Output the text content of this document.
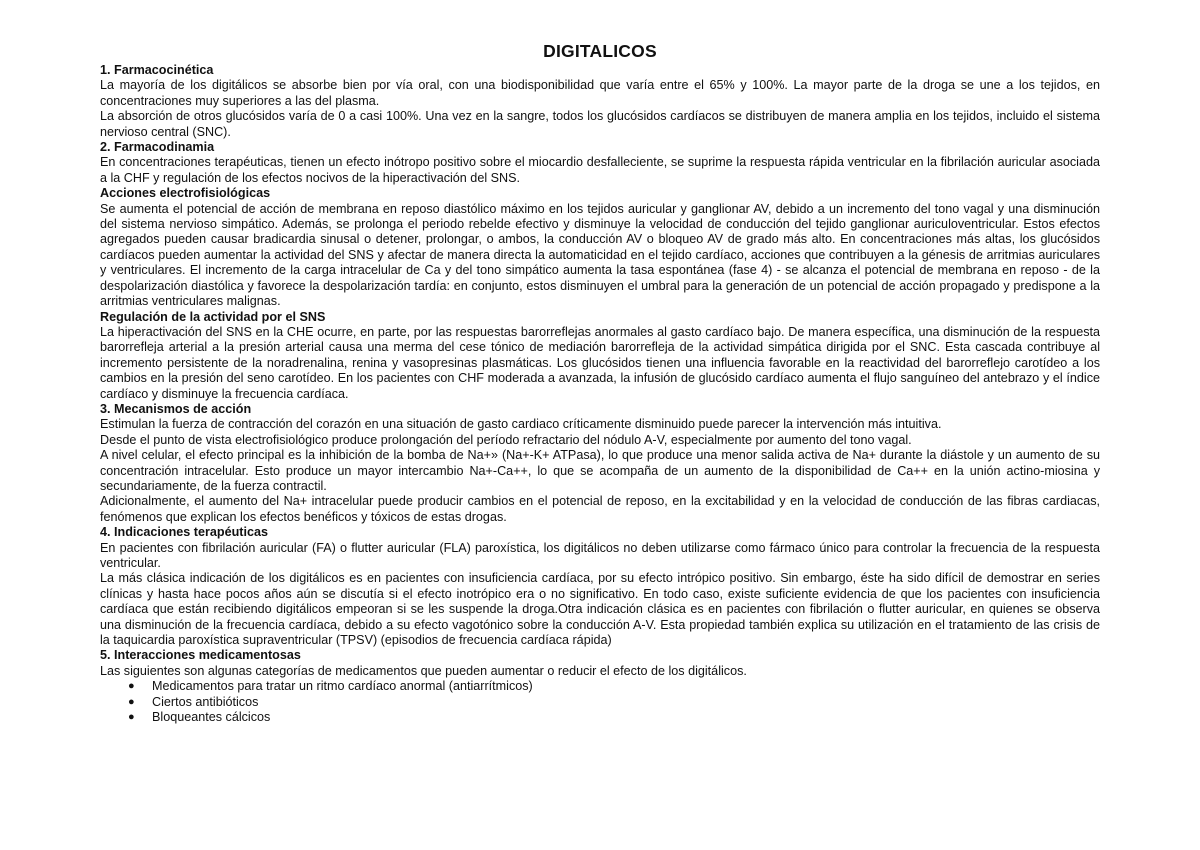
DIGITALICOS
1. Farmacocinética

La mayoría de los digitálicos se absorbe bien por vía oral, con una biodisponibilidad que varía entre el 65% y 100%. La mayor parte de la droga se une a los tejidos, en concentraciones muy superiores a las del plasma.

La absorción de otros glucósidos varía de 0 a casi 100%. Una vez en la sangre, todos los glucósidos cardíacos se distribuyen de manera amplia en los tejidos, incluido el sistema nervioso central (SNC).

2. Farmacodinamia

En concentraciones terapéuticas, tienen un efecto inótropo positivo sobre el miocardio desfalleciente, se suprime la respuesta rápida ventricular en la fibrilación auricular asociada a la CHF y regulación de los efectos nocivos de la hiperactivación del SNS.

Acciones electrofisiológicas

Se aumenta el potencial de acción de membrana en reposo diastólico máximo en los tejidos auricular y ganglionar AV, debido a un incremento del tono vagal y una disminución del sistema nervioso simpático. Además, se prolonga el periodo rebelde efectivo y disminuye la velocidad de conducción del tejido ganglionar auriculoventricular. Estos efectos agregados pueden causar bradicardia sinusal o detener, prolongar, o ambos, la conducción AV o bloqueo AV de grado más alto. En concentraciones más altas, los glucósidos cardíacos pueden aumentar la actividad del SNS y afectar de manera directa la automaticidad en el tejido cardíaco, acciones que contribuyen a la génesis de arritmias auriculares y ventriculares. El incremento de la carga intracelular de Ca y del tono simpático aumenta la tasa espontánea (fase 4) - se alcanza el potencial de membrana en reposo - de la despolarización diastólica y favorece la despolarización tardía: en conjunto, estos disminuyen el umbral para la generación de un potencial de acción propagado y predispone a la arritmias ventriculares malignas.

Regulación de la actividad por el SNS

La hiperactivación del SNS en la CHE ocurre, en parte, por las respuestas barorreflejas anormales al gasto cardíaco bajo. De manera específica, una disminución de la respuesta barorrefleja arterial a la presión arterial causa una merma del cese tónico de mediación barorrefleja de la actividad simpática dirigida por el SNC. Esta cascada contribuye al incremento persistente de la noradrenalina, renina y vasopresinas plasmáticas. Los glucósidos tienen una influencia favorable en la reactividad del barorreflejo carotídeo a los cambios en la presión del seno carotídeo. En los pacientes con CHF moderada a avanzada, la infusión de glucósido cardíaco aumenta el flujo sanguíneo del antebrazo y el índice cardíaco y disminuye la frecuencia cardíaca.

3. Mecanismos de acción

Estimulan la fuerza de contracción del corazón en una situación de gasto cardiaco críticamente disminuido puede parecer la intervención más intuitiva.

Desde el punto de vista electrofisiológico produce prolongación del período refractario del nódulo A-V, especialmente por aumento del tono vagal.

A nivel celular, el efecto principal es la inhibición de la bomba de Na+» (Na+-K+ ATPasa), lo que produce una menor salida activa de Na+ durante la diástole y un aumento de su concentración intracelular. Esto produce un mayor intercambio Na+-Ca++, lo que se acompaña de un aumento de la disponibilidad de Ca++ en la unión actino-miosina y secundariamente, de la fuerza contractil.

Adicionalmente, el aumento del Na+ intracelular puede producir cambios en el potencial de reposo, en la excitabilidad y en la velocidad de conducción de las fibras cardiacas, fenómenos que explican los efectos benéficos y tóxicos de estas drogas.

4. Indicaciones terapéuticas

En pacientes con fibrilación auricular (FA) o flutter auricular (FLA) paroxística, los digitálicos no deben utilizarse como fármaco único para controlar la frecuencia de la respuesta ventricular.

La más clásica indicación de los digitálicos es en pacientes con insuficiencia cardíaca, por su efecto intrópico positivo. Sin embargo, éste ha sido difícil de demostrar en series clínicas y hasta hace pocos años aún se discutía si el efecto inotrópico era o no significativo. En todo caso, existe suficiente evidencia de que los pacientes con insuficiencia cardíaca que están recibiendo digitálicos empeoran si se les suspende la droga.Otra indicación clásica es en pacientes con fibrilación o flutter auricular, en quienes se observa una disminución de la frecuencia cardíaca, debido a su efecto vagotónico sobre la conducción A-V. Esta propiedad también explica su utilización en el tratamiento de las crisis de la taquicardia paroxística supraventricular (TPSV) (episodios de frecuencia cardíaca rápida)

5. Interacciones medicamentosas

Las siguientes son algunas categorías de medicamentos que pueden aumentar o reducir el efecto de los digitálicos.

● Medicamentos para tratar un ritmo cardíaco anormal (antiarrítmicos)
● Ciertos antibióticos
● Bloqueantes cálcicos
